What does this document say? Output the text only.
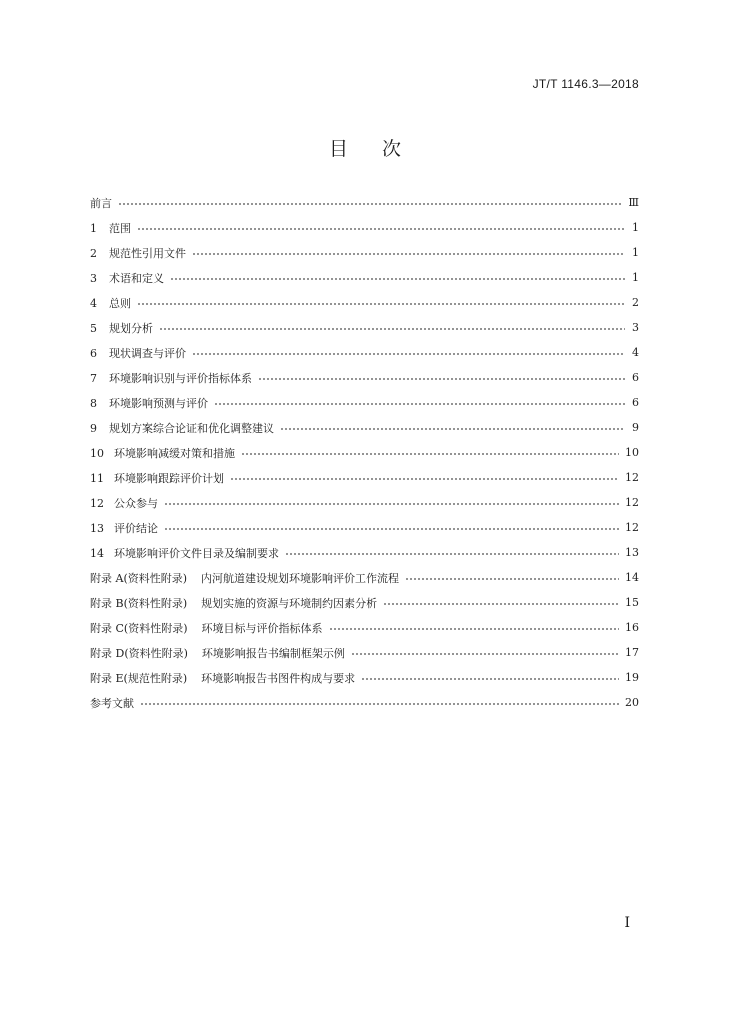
JT/T 1146.3—2018
目 次
前言	Ⅲ
1 范围	1
2 规范性引用文件	1
3 术语和定义	1
4 总则	2
5 规划分析	3
6 现状调查与评价	4
7 环境影响识别与评价指标体系	6
8 环境影响预测与评价	6
9 规划方案综合论证和优化调整建议	9
10 环境影响减缓对策和措施	10
11 环境影响跟踪评价计划	12
12 公众参与	12
13 评价结论	12
14 环境影响评价文件目录及编制要求	13
附录 A(资料性附录) 内河航道建设规划环境影响评价工作流程	14
附录 B(资料性附录) 规划实施的资源与环境制约因素分析	15
附录 C(资料性附录) 环境目标与评价指标体系	16
附录 D(资料性附录) 环境影响报告书编制框架示例	17
附录 E(规范性附录) 环境影响报告书图件构成与要求	19
参考文献	20
Ⅰ
